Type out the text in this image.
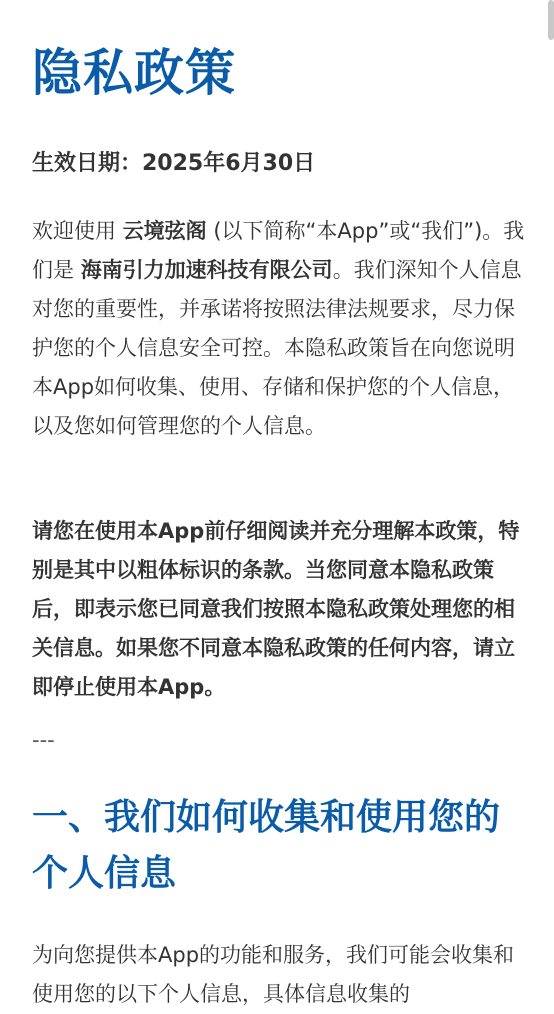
隐私政策
生效日期：2025年6月30日

欢迎使用 云境弦阁 (以下简称“本App”或“我们”)。我们是 海南引力加速科技有限公司。我们深知个人信息对您的重要性，并承诺将按照法律法规要求，尽力保护您的个人信息安全可控。本隐私政策旨在向您说明本App如何收集、使用、存储和保护您的个人信息，以及您如何管理您的个人信息。

请您在使用本App前仔细阅读并充分理解本政策，特别是其中以粗体标识的条款。当您同意本隐私政策后，即表示您已同意我们按照本隐私政策处理您的相关信息。如果您不同意本隐私政策的任何内容，请立即停止使用本App。

---
一、我们如何收集和使用您的个人信息

为向您提供本App的功能和服务，我们可能会收集和使用您的以下个人信息，具体信息收集的
